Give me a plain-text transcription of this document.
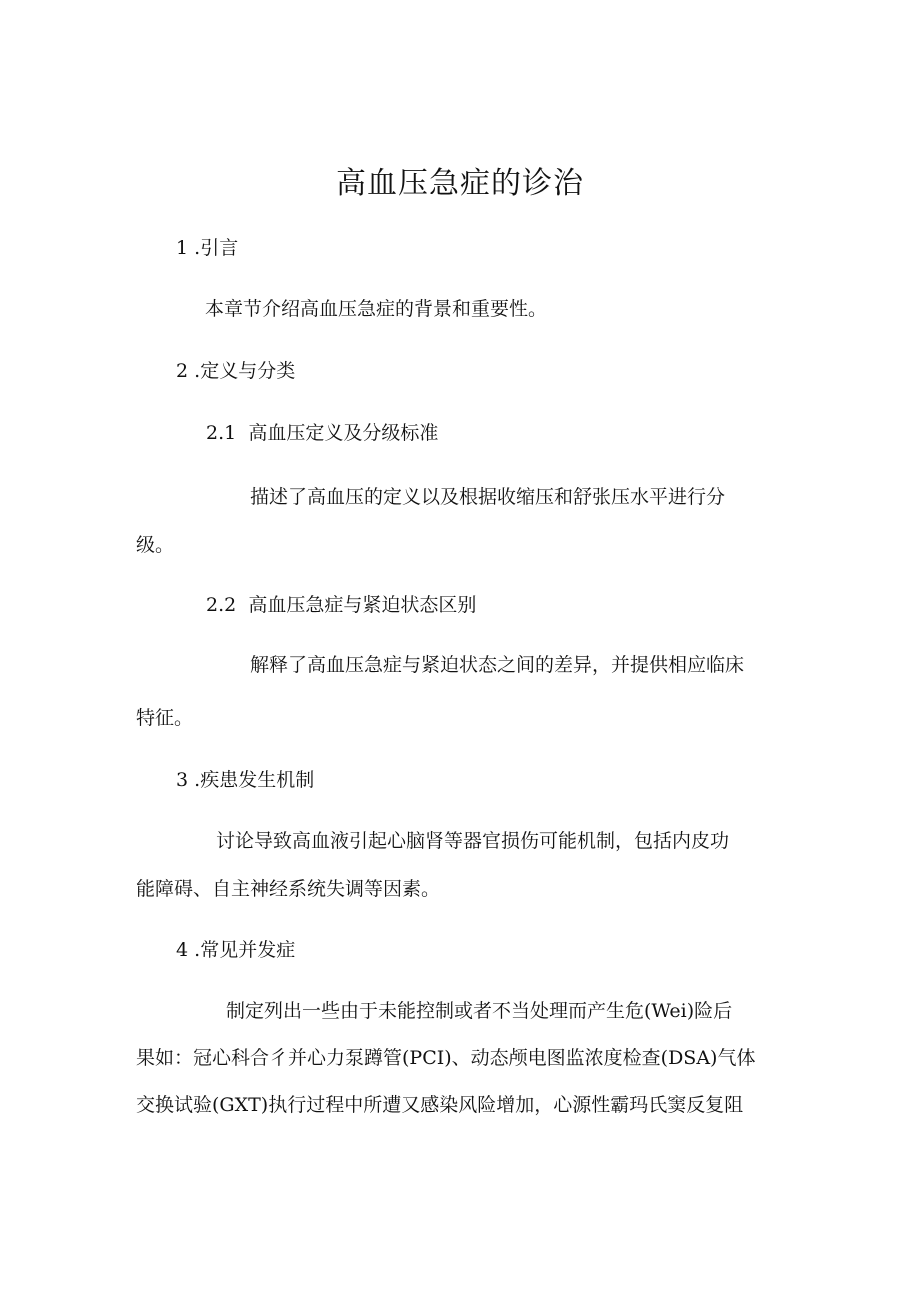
高血压急症的诊治

1 .引言

本章节介绍高血压急症的背景和重要性。

2 .定义与分类

2.1 高血压定义及分级标准

描述了高血压的定义以及根据收缩压和舒张压水平进行分

级。

2.2 高血压急症与紧迫状态区别

解释了高血压急症与紧迫状态之间的差异，并提供相应临床

特征。

3 .疾患发生机制

讨论导致高血液引起心脑肾等器官损伤可能机制，包括内皮功

能障碍、自主神经系统失调等因素。

4 .常见并发症

制定列出一些由于未能控制或者不当处理而产生危(Wei)险后

果如：冠心科合彳并心力泵蹲管(PCI)、动态颅电图监浓度检查(DSA)气体

交换试验(GXT)执行过程中所遭又感染风险增加，心源性霸玛氏窦反复阻
